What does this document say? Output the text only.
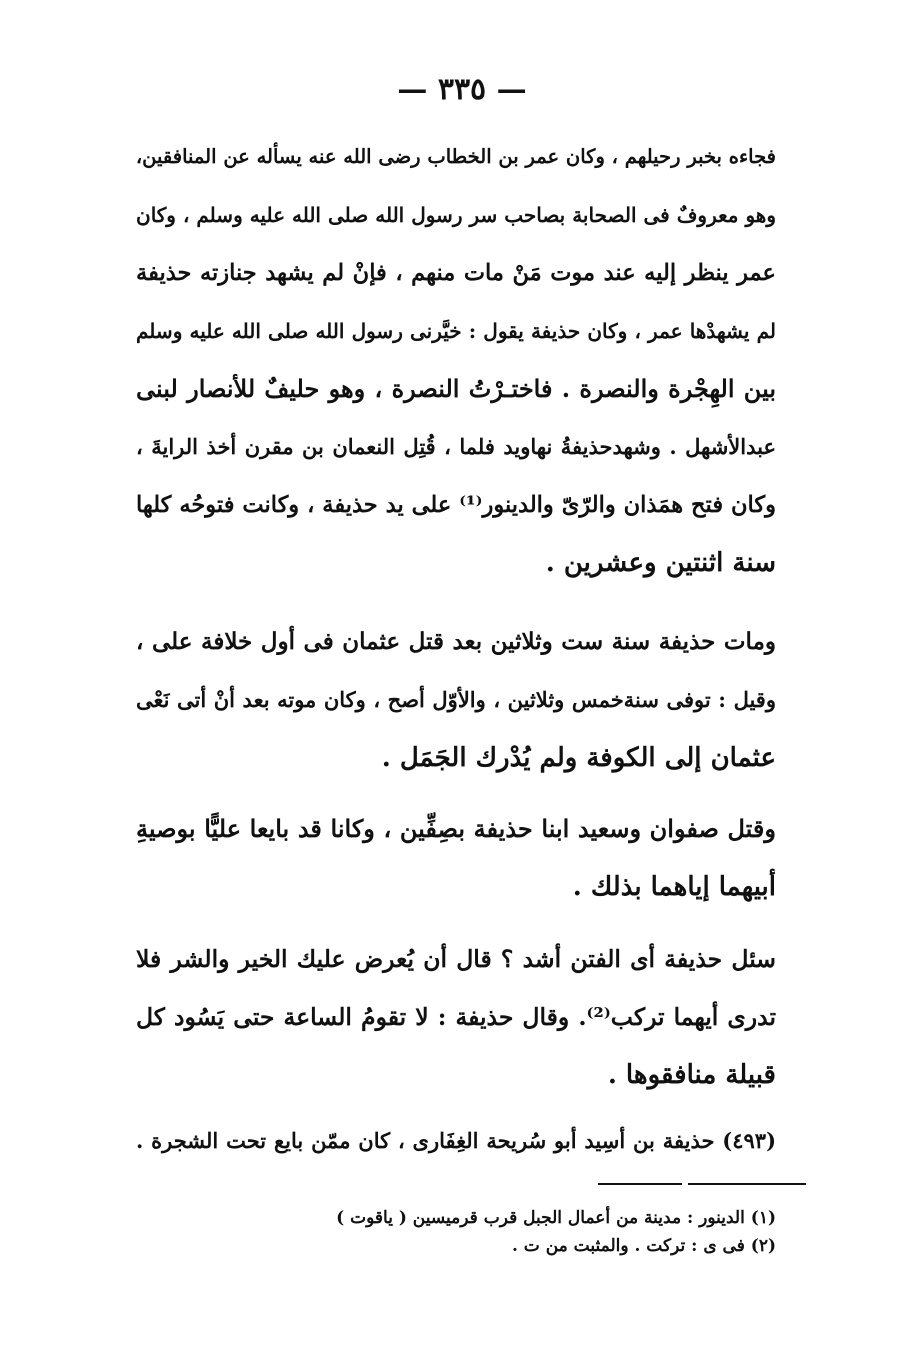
— ٣٣٥ —
فجاءه بخبر رحيلهم ، وكان عمر بن الخطاب رضى الله عنه يسأله عن المنافقين،
وهو معروفٌ فى الصحابة بصاحب سر رسول الله صلى الله عليه وسلم ، وكان
عمر ينظر إليه عند موت مَنْ مات منهم ، فإنْ لم يشهد جنازته حذيفة
لم يشهدْها عمر ، وكان حذيفة يقول : خيَّرنى رسول الله صلى الله عليه وسلم
بين الهِجْرة والنصرة . فاختـرْتُ النصرة ، وهو حليفٌ للأنصار لبنى
عبدالأشهل . وشهدحذيفةُ نهاويد فلما ، قُتِل النعمان بن مقرن أخذ الرايةَ ،
وكان فتح همَذان والرّىّ والدينور⁽¹⁾ على يد حذيفة ، وكانت فتوحُه كلها
سنة اثنتين وعشرين .
ومات حذيفة سنة ست وثلاثين بعد قتل عثمان فى أول خلافة على ،
وقيل : توفى سنةخمس وثلاثين ، والأوّل أصح ، وكان موته بعد أنْ أتى نَعْى
عثمان إلى الكوفة ولم يُدْرك الجَمَل .
وقتل صفوان وسعيد ابنا حذيفة بصِفِّين ، وكانا قد بايعا عليًّا بوصيةِ
أبيهما إياهما بذلك .
سئل حذيفة أى الفتن أشد ؟ قال أن يُعرض عليك الخير والشر فلا
تدرى أيهما تركب⁽²⁾. وقال حذيفة : لا تقومُ الساعة حتى يَسُود كل
قبيلة منافقوها .
(٤٩٣) حذيفة بن أسِيد أبو سُريحة الغِفَارى ، كان ممّن بايع تحت الشجرة .
(١) الدينور : مدينة من أعمال الجبل قرب قرميسين ( ياقوت )
(٢) فى ى : تركت . والمثبت من ت .
